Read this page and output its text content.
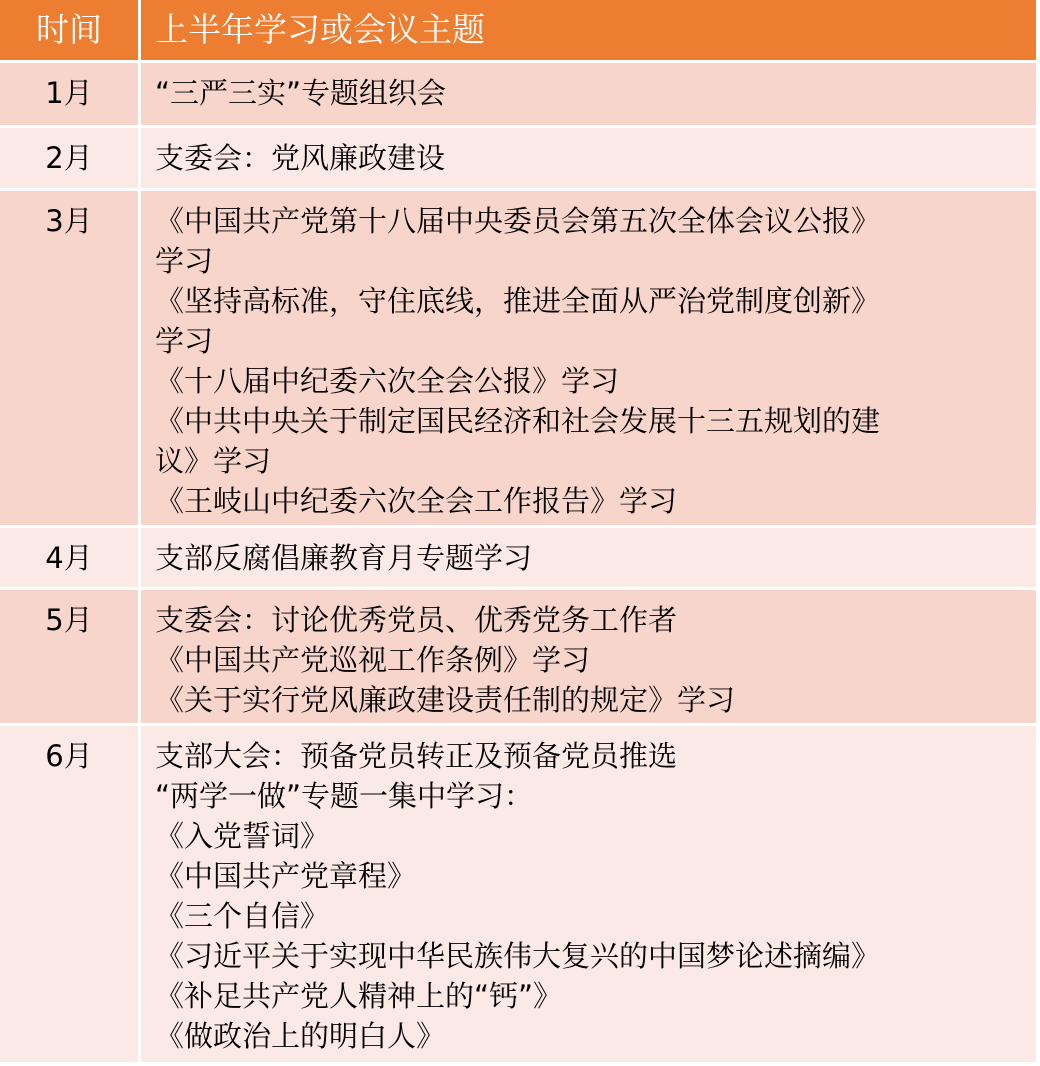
时间	上半年学习或会议主题
1月	“三严三实”专题组织会
2月	支委会：党风廉政建设
3月	《中国共产党第十八届中央委员会第五次全体会议公报》
学习
《坚持高标准，守住底线，推进全面从严治党制度创新》
学习
《十八届中纪委六次全会公报》学习
《中共中央关于制定国民经济和社会发展十三五规划的建
议》学习
《王岐山中纪委六次全会工作报告》学习
4月	支部反腐倡廉教育月专题学习
5月	支委会：讨论优秀党员、优秀党务工作者
《中国共产党巡视工作条例》学习
《关于实行党风廉政建设责任制的规定》学习
6月	支部大会：预备党员转正及预备党员推选
“两学一做”专题一集中学习：
《入党誓词》
《中国共产党章程》
《三个自信》
《习近平关于实现中华民族伟大复兴的中国梦论述摘编》
《补足共产党人精神上的“钙”》
《做政治上的明白人》
